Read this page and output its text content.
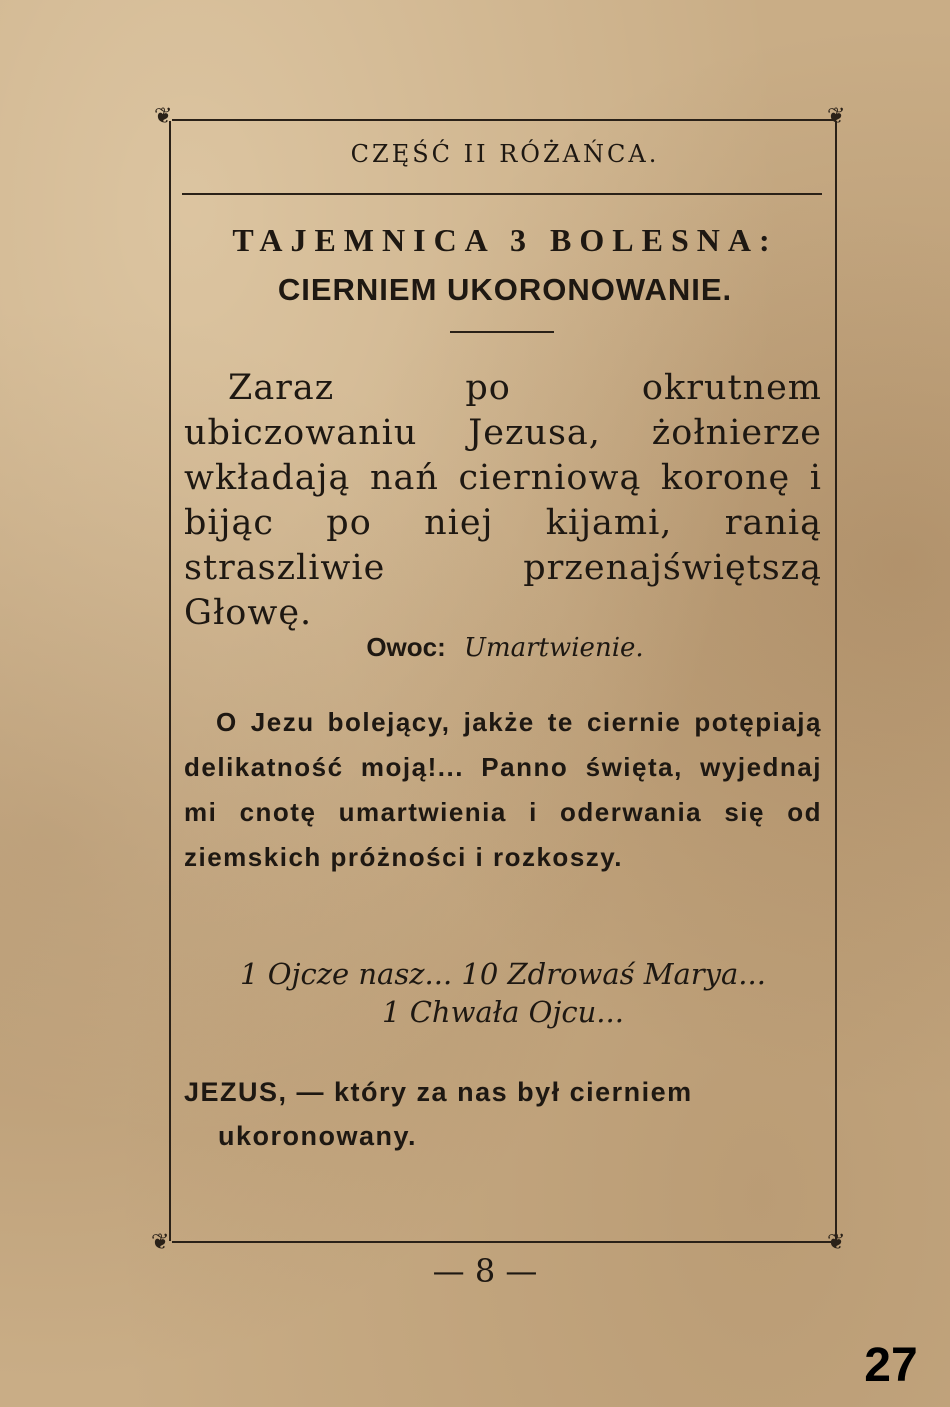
❦	❦
❦	❦
CZĘŚĆ II RÓŻAŃCA.
TAJEMNICA 3 BOLESNA:
CIERNIEM UKORONOWANIE.
Zaraz po okrutnem ubiczowaniu Jezusa, żołnierze wkładają nań cierniową koronę i bijąc po niej kijami, ranią straszliwie przenajświętszą Głowę.
Owoc: Umartwienie.
O Jezu bolejący, jakże te ciernie potępiają delikatność moją!... Panno święta, wyjednaj mi cnotę umartwienia i oderwania się od ziemskich próżności i rozkoszy.
1 Ojcze nasz... 10 Zdrowaś Marya...
1 Chwała Ojcu...
JEZUS, — który za nas był cierniem
ukoronowany.
— 8 —
27
